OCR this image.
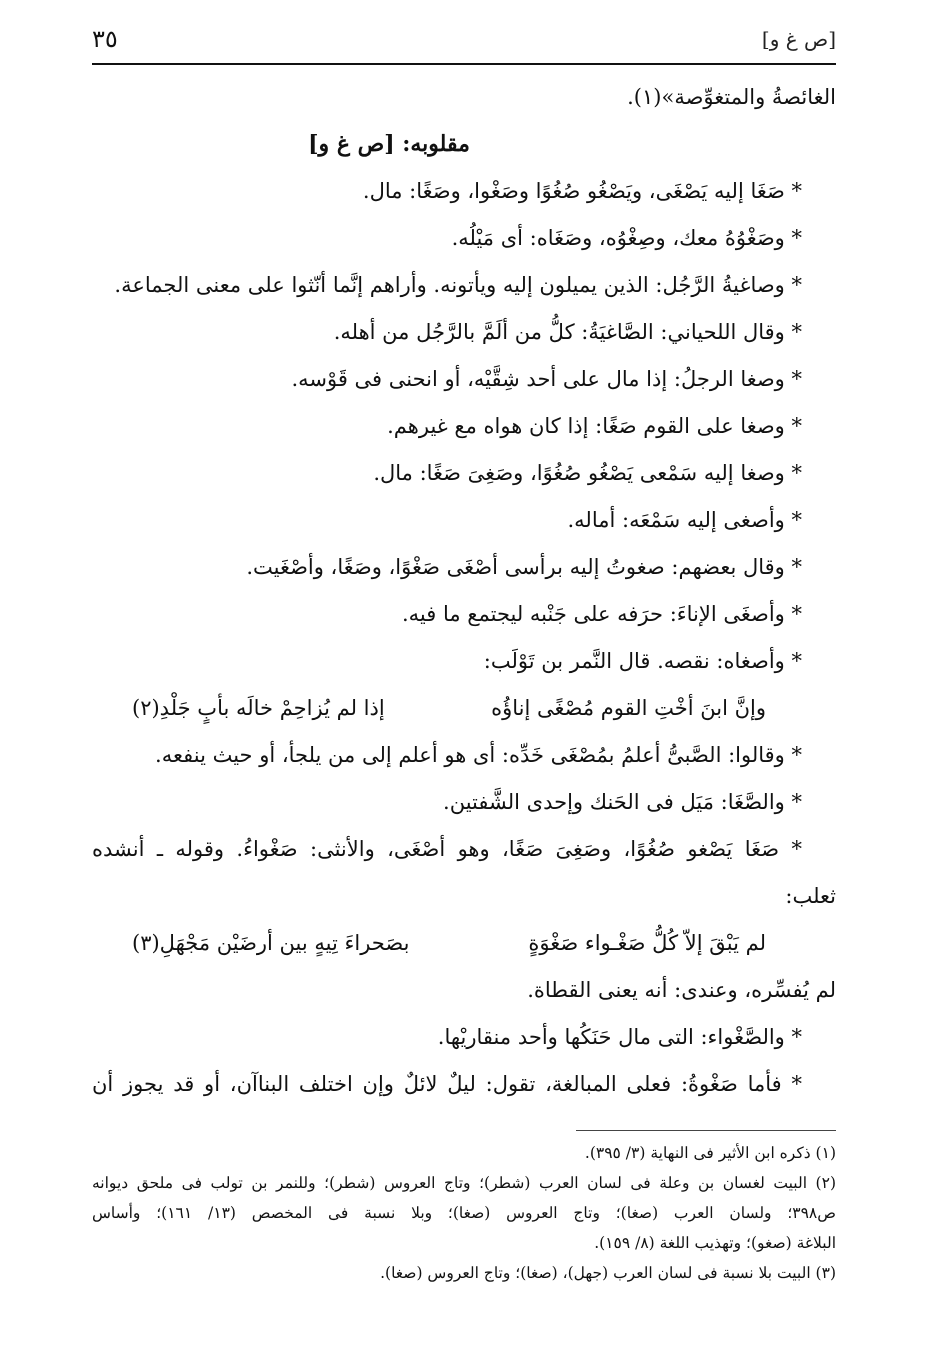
[ص غ و]
٣٥
الغائصةُ والمتغوِّصة»(١).
مقلوبه: [ص غ و]
* صَغَا إليه يَصْغَى، ويَصْغُو صُغُوًا وصَغْوا، وصَغًا: مال.
* وصَغْوُهُ معك، وصِغْوُه، وصَغَاه: أى مَيْلُه.
* وصاغيةُ الرَّجُل: الذين يميلون إليه ويأتونه. وأراهم إنَّما أنّثوا على معنى الجماعة.
* وقال اللحياني: الصَّاغيَةُ: كلُّ من ألَمَّ بالرَّجُل من أهله.
* وصغا الرجلُ: إذا مال على أحد شِقَّيْه، أو انحنى فى قَوْسه.
* وصغا على القوم صَغًا: إذا كان هواه مع غيرهم.
* وصغا إليه سَمْعى يَصْغُو صُغُوًا، وصَغِىَ صَغًا: مال.
* وأصغى إليه سَمْعَه: أماله.
* وقال بعضهم: صغوتُ إليه برأسى أصْغَى صَغْوًا، وصَغًا، وأصْغَيت.
* وأصغَى الإناءَ: حرَفه على جَنْبه ليجتمع ما فيه.
* وأصغاه: نقصه. قال النَّمر بن تَوْلَب:
وإنَّ ابنَ أخْتِ القوم مُصْغًى إناؤُه
إذا لم يُزاحِمْ خالَه بأبٍ جَلْدِ(٢)
* وقالوا: الصَّبىُّ أعلمُ بمُصْغَى خَدِّه: أى هو أعلم إلى من يلجأ، أو حيث ينفعه.
* والصَّغَا: مَيَل فى الحَنك وإحدى الشَّفتين.
* صَغَا يَصْغو صُغُوًا، وصَغِىَ صَغًا، وهو أصْغَى، والأنثى: صَغْواءُ. وقوله ـ أنشده
ثعلب:
لم يَبْقَ إلاّ كُلُّ صَغْـواء صَغْوَةٍ
بصَحراءَ تِيهٍ بين أرضَيْن مَجْهَلِ(٣)
لم يُفسِّره، وعندى: أنه يعنى القطاة.
* والصَّغْواء: التى مال حَنَكُها وأحد منقاريْها.
* فأما صَغْوةُ: فعلى المبالغة، تقول: ليلٌ لائلٌ وإن اختلف البناآن، أو قد يجوز أن
(١) ذكره ابن الأثير فى النهاية (٣/ ٣٩٥).
(٢) البيت لغسان بن وعلة فى لسان العرب (شطر)؛ وتاج العروس (شطر)؛ وللنمر بن تولب فى ملحق ديوانه
ص٣٩٨؛ ولسان العرب (صغا)؛ وتاج العروس (صغا)؛ وبلا نسبة فى المخصص (١٣/ ١٦١)؛ وأساس
البلاغة (صغو)؛ وتهذيب اللغة (٨/ ١٥٩).
(٣) البيت بلا نسبة فى لسان العرب (جهل)، (صغا)؛ وتاج العروس (صغا).
